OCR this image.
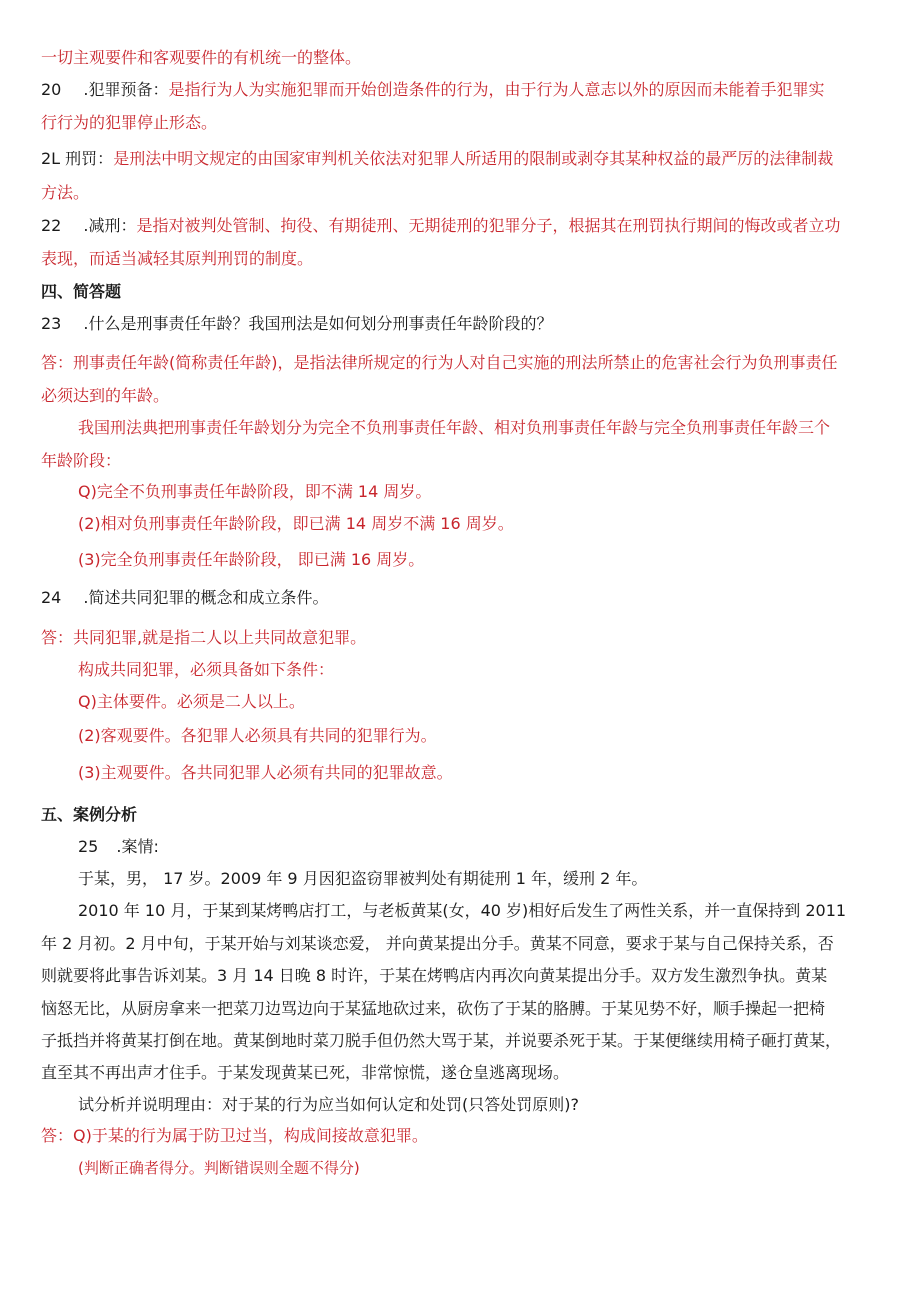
一切主观要件和客观要件的有机统一的整体。
20 .犯罪预备：是指行为人为实施犯罪而开始创造条件的行为，由于行为人意志以外的原因而未能着手犯罪实
行行为的犯罪停止形态。
2L 刑罚：是刑法中明文规定的由国家审判机关依法对犯罪人所适用的限制或剥夺其某种权益的最严厉的法律制裁
方法。
22 .减刑：是指对被判处管制、拘役、有期徒刑、无期徒刑的犯罪分子，根据其在刑罚执行期间的悔改或者立功
表现，而适当减轻其原判刑罚的制度。
四、简答题
23 .什么是刑事责任年龄？我国刑法是如何划分刑事责任年龄阶段的？
答：刑事责任年龄(简称责任年龄)，是指法律所规定的行为人对自己实施的刑法所禁止的危害社会行为负刑事责任
必须达到的年龄。
我国刑法典把刑事责任年龄划分为完全不负刑事责任年龄、相对负刑事责任年龄与完全负刑事责任年龄三个
年龄阶段：
Q)完全不负刑事责任年龄阶段，即不满 14 周岁。
(2)相对负刑事责任年龄阶段，即已满 14 周岁不满 16 周岁。
(3)完全负刑事责任年龄阶段， 即已满 16 周岁。
24 .简述共同犯罪的概念和成立条件。
答：共同犯罪,就是指二人以上共同故意犯罪。
构成共同犯罪，必须具备如下条件：
Q)主体要件。必须是二人以上。
(2)客观要件。各犯罪人必须具有共同的犯罪行为。
(3)主观要件。各共同犯罪人必须有共同的犯罪故意。
五、案例分析
25 .案情:
于某，男， 17 岁。2009 年 9 月因犯盗窃罪被判处有期徒刑 1 年，缓刑 2 年。
2010 年 10 月，于某到某烤鸭店打工，与老板黄某(女，40 岁)相好后发生了两性关系，并一直保持到 2011
年 2 月初。2 月中旬，于某开始与刘某谈恋爱， 并向黄某提出分手。黄某不同意，要求于某与自己保持关系，否
则就要将此事告诉刘某。3 月 14 日晚 8 时许，于某在烤鸭店内再次向黄某提出分手。双方发生激烈争执。黄某
恼怒无比，从厨房拿来一把菜刀边骂边向于某猛地砍过来，砍伤了于某的胳膊。于某见势不好，顺手操起一把椅
子抵挡并将黄某打倒在地。黄某倒地时菜刀脱手但仍然大骂于某，并说要杀死于某。于某便继续用椅子砸打黄某，
直至其不再出声才住手。于某发现黄某已死，非常惊慌，遂仓皇逃离现场。
试分析并说明理由：对于某的行为应当如何认定和处罚(只答处罚原则)?
答：Q)于某的行为属于防卫过当，构成间接故意犯罪。
(判断正确者得分。判断错误则全题不得分)
